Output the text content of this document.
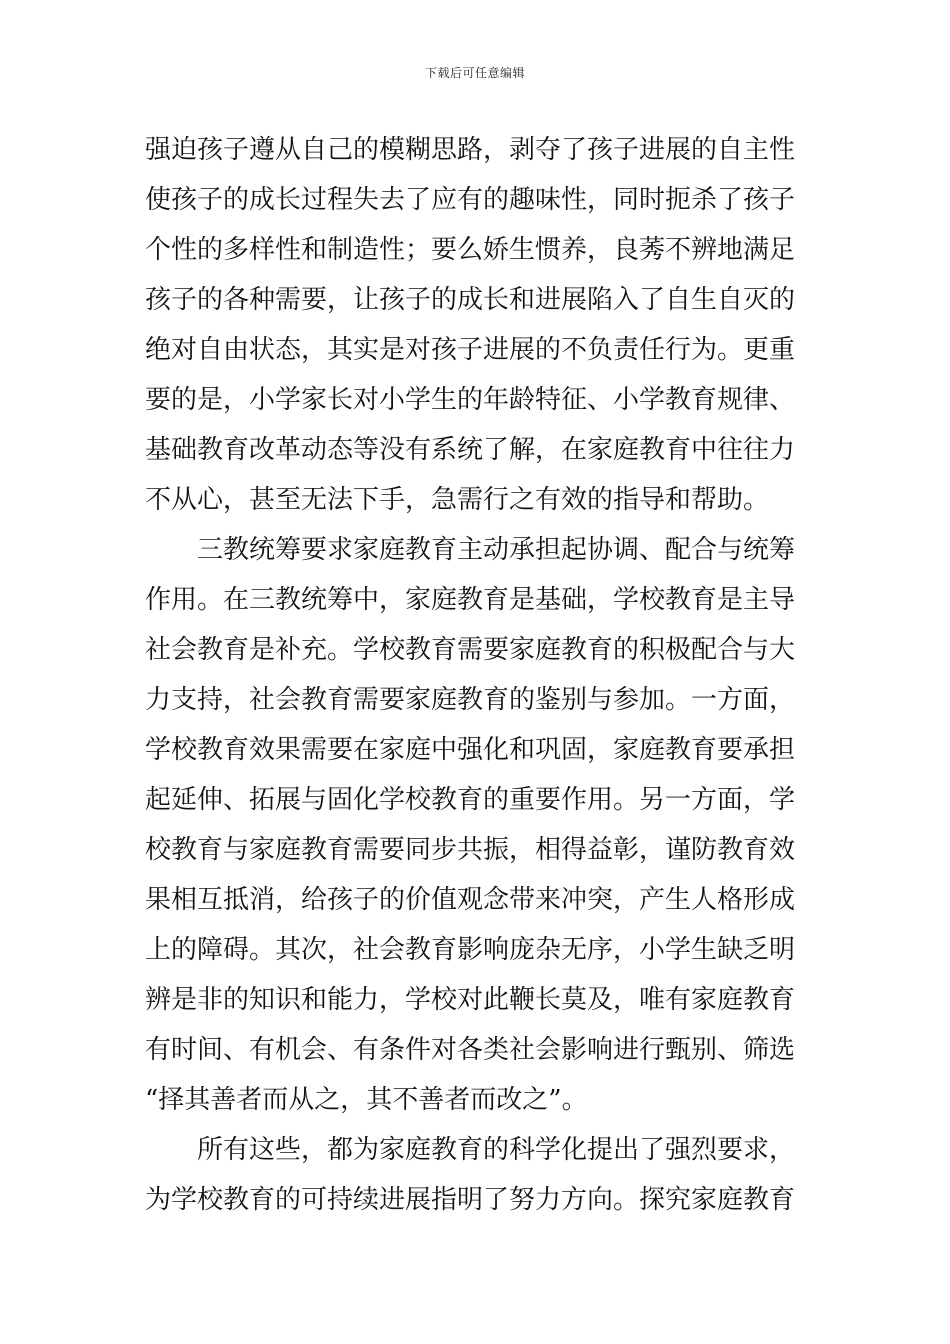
下载后可任意编辑
强迫孩子遵从自己的模糊思路，剥夺了孩子进展的自主性
使孩子的成长过程失去了应有的趣味性，同时扼杀了孩子
个性的多样性和制造性；要么娇生惯养，良莠不辨地满足
孩子的各种需要，让孩子的成长和进展陷入了自生自灭的
绝对自由状态，其实是对孩子进展的不负责任行为。更重
要的是，小学家长对小学生的年龄特征、小学教育规律、
基础教育改革动态等没有系统了解，在家庭教育中往往力
不从心，甚至无法下手，急需行之有效的指导和帮助。
三教统筹要求家庭教育主动承担起协调、配合与统筹
作用。在三教统筹中，家庭教育是基础，学校教育是主导
社会教育是补充。学校教育需要家庭教育的积极配合与大
力支持，社会教育需要家庭教育的鉴别与参加。一方面，
学校教育效果需要在家庭中强化和巩固，家庭教育要承担
起延伸、拓展与固化学校教育的重要作用。另一方面，学
校教育与家庭教育需要同步共振，相得益彰，谨防教育效
果相互抵消，给孩子的价值观念带来冲突，产生人格形成
上的障碍。其次，社会教育影响庞杂无序，小学生缺乏明
辨是非的知识和能力，学校对此鞭长莫及，唯有家庭教育
有时间、有机会、有条件对各类社会影响进行甄别、筛选
“择其善者而从之，其不善者而改之”。
所有这些，都为家庭教育的科学化提出了强烈要求，
为学校教育的可持续进展指明了努力方向。探究家庭教育
